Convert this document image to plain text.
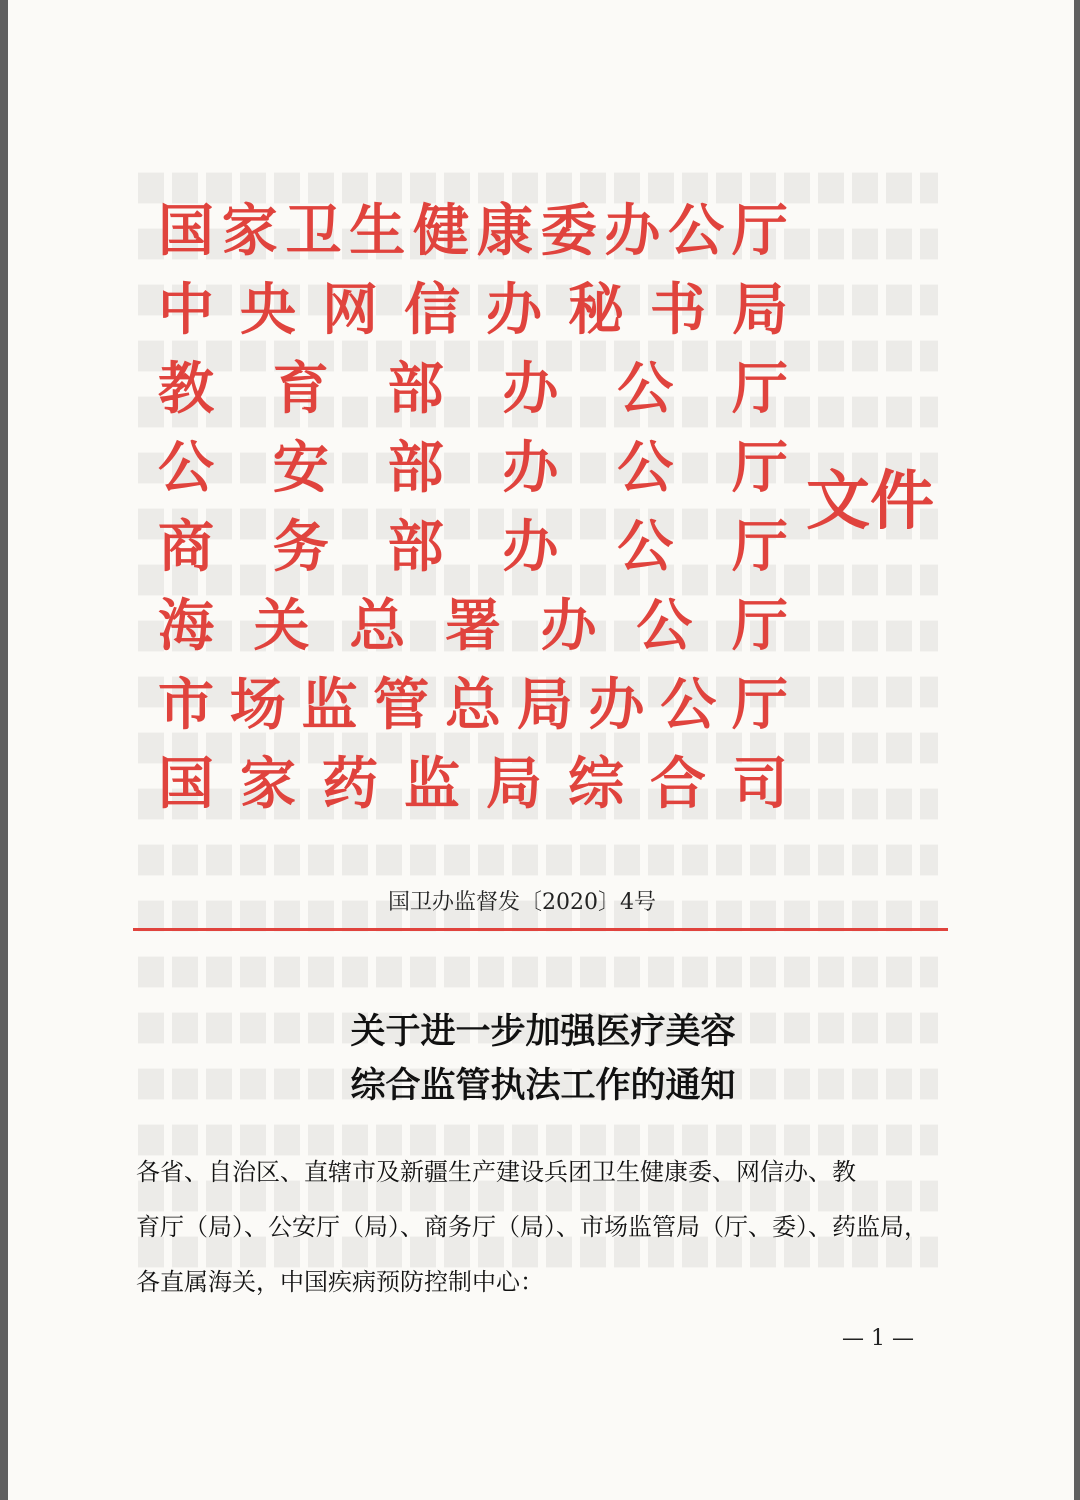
国 家 卫 生 健 康 委 办 公 厅
中 央 网 信 办 秘 书 局
教 育 部 办 公 厅
公 安 部 办 公 厅
商 务 部 办 公 厅
海 关 总 署 办 公 厅
市 场 监 管 总 局 办 公 厅
国 家 药 监 局 综 合 司
文件
国卫办监督发〔2020〕4号
关于进一步加强医疗美容
综合监管执法工作的通知
各省、自治区、直辖市及新疆生产建设兵团卫生健康委、网信办、教
育厅（局）、公安厅（局）、商务厅（局）、市场监管局（厅、委）、药监局，
各直属海关，中国疾病预防控制中心：
— 1 —
